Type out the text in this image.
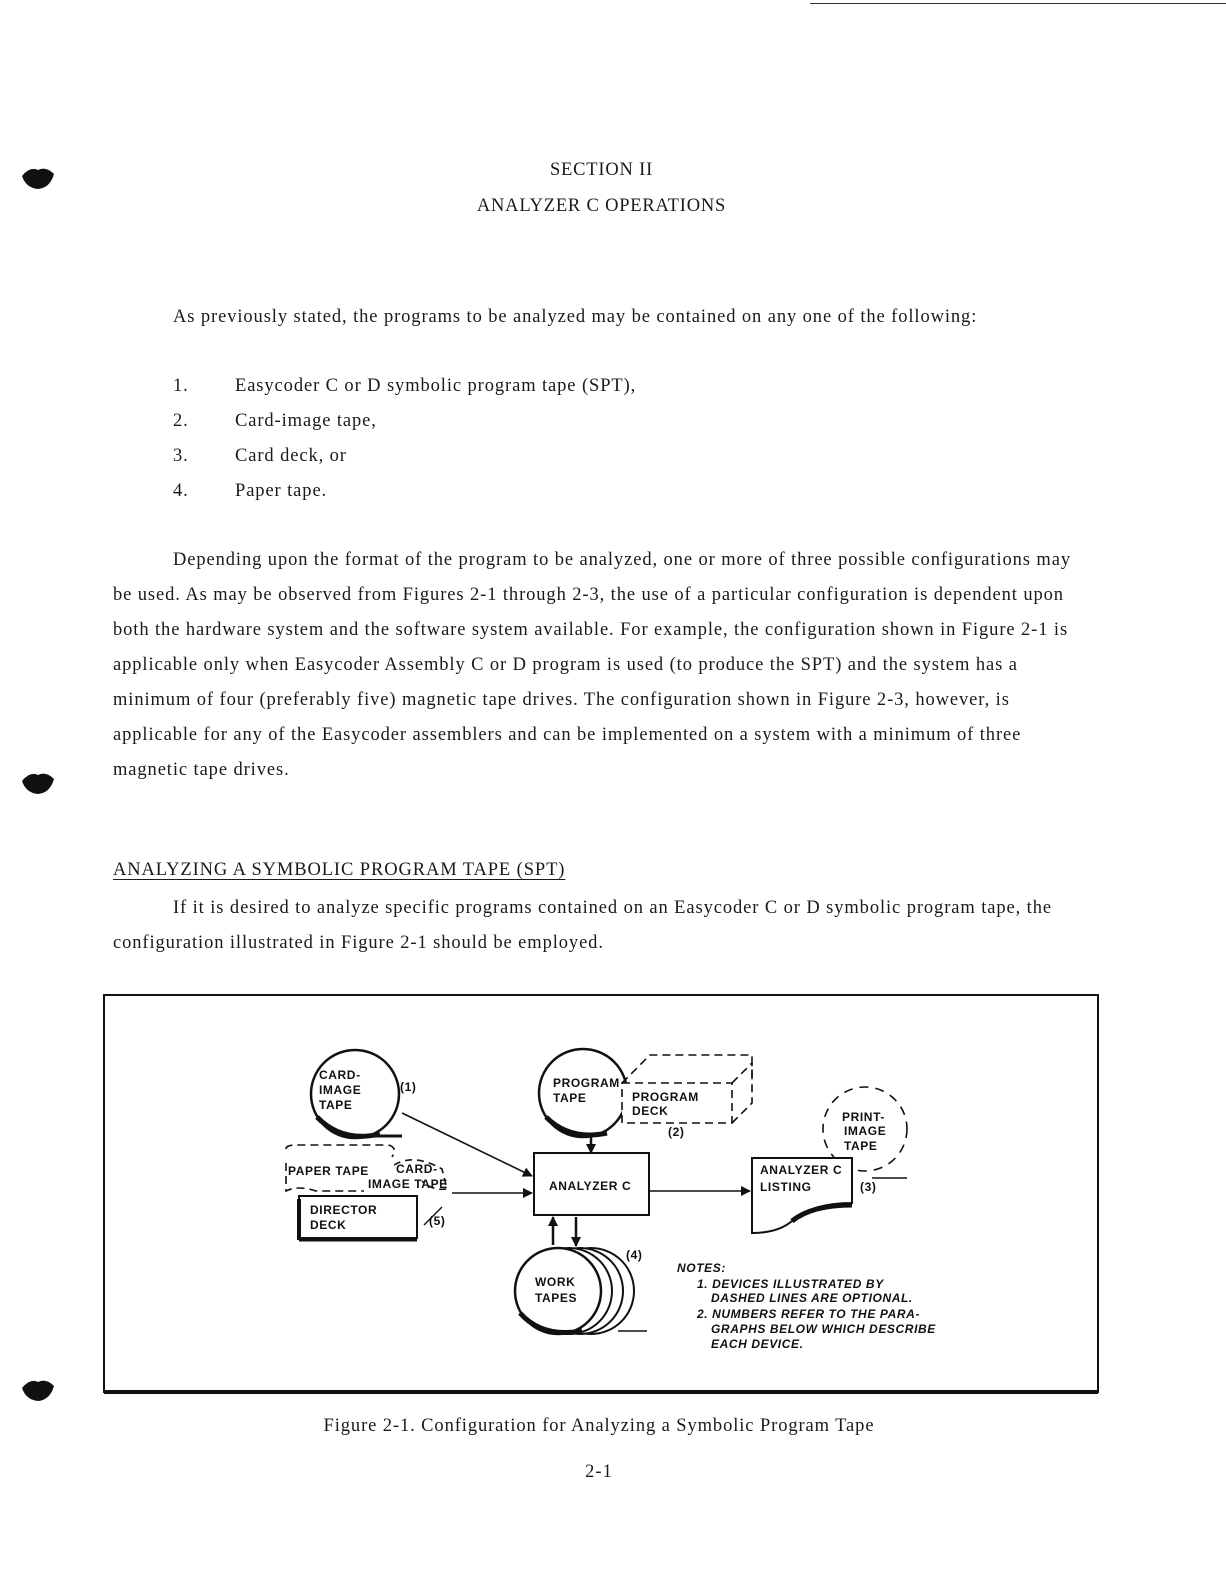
SECTION II
ANALYZER C OPERATIONS

As previously stated, the programs to be analyzed may be contained on any one of the following:

1.	Easycoder C or D symbolic program tape (SPT),
2.	Card-image tape,
3.	Card deck, or
4.	Paper tape.

Depending upon the format of the program to be analyzed, one or more of three possible configurations may be used. As may be observed from Figures 2-1 through 2-3, the use of a particular configuration is dependent upon both the hardware system and the software system available. For example, the configuration shown in Figure 2-1 is applicable only when Easycoder Assembly C or D program is used (to produce the SPT) and the system has a minimum of four (preferably five) magnetic tape drives. The configuration shown in Figure 2-3, however, is applicable for any of the Easycoder assemblers and can be implemented on a system with a minimum of three magnetic tape drives.

ANALYZING A SYMBOLIC PROGRAM TAPE (SPT)

If it is desired to analyze specific programs contained on an Easycoder C or D symbolic program tape, the configuration illustrated in Figure 2-1 should be employed.

CARD-IMAGE TAPE
(1)	PROGRAM TAPE	PROGRAM DECK
(2)
PRINT-IMAGE TAPE
PAPER TAPE	CARD-IMAGE TAPE
DIRECTOR DECK	(5)
ANALYZER C
ANALYZER C LISTING	(3)
WORK TAPES
(4)
NOTES:
1. DEVICES ILLUSTRATED BY
DASHED LINES ARE OPTIONAL.
2. NUMBERS REFER TO THE PARA-
GRAPHS BELOW WHICH DESCRIBE
EACH DEVICE.
Figure 2-1. Configuration for Analyzing a Symbolic Program Tape
2-1
